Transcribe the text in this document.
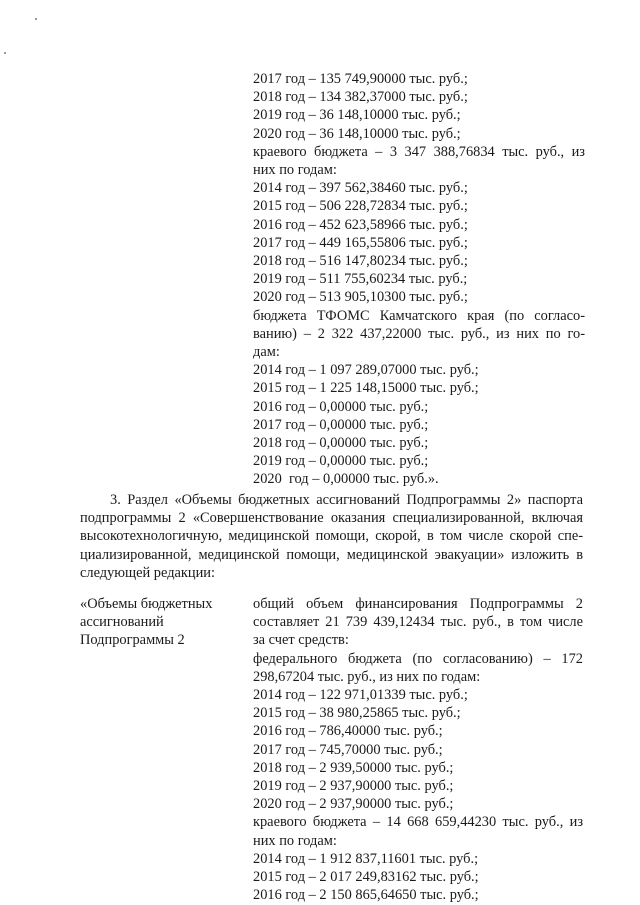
2017 год – 135 749,90000 тыс. руб.;
2018 год – 134 382,37000 тыс. руб.;
2019 год – 36 148,10000 тыс. руб.;
2020 год – 36 148,10000 тыс. руб.;
краевого бюджета – 3 347 388,76834 тыс. руб., из
них по годам:
2014 год – 397 562,38460 тыс. руб.;
2015 год – 506 228,72834 тыс. руб.;
2016 год – 452 623,58966 тыс. руб.;
2017 год – 449 165,55806 тыс. руб.;
2018 год – 516 147,80234 тыс. руб.;
2019 год – 511 755,60234 тыс. руб.;
2020 год – 513 905,10300 тыс. руб.;
бюджета ТФОМС Камчатского края (по согласо-
ванию) – 2 322 437,22000 тыс. руб., из них по го-
дам:
2014 год – 1 097 289,07000 тыс. руб.;
2015 год – 1 225 148,15000 тыс. руб.;
2016 год – 0,00000 тыс. руб.;
2017 год – 0,00000 тыс. руб.;
2018 год – 0,00000 тыс. руб.;
2019 год – 0,00000 тыс. руб.;
2020  год – 0,00000 тыс. руб.».
3. Раздел «Объемы бюджетных ассигнований Подпрограммы 2» паспорта
подпрограммы 2 «Совершенствование оказания специализированной, включая
высокотехнологичную, медицинской помощи, скорой, в том числе скорой спе-
циализированной, медицинской помощи, медицинской эвакуации» изложить в
следующей редакции:
«Объемы бюджетных
ассигнований
Подпрограммы 2
общий объем финансирования Подпрограммы 2
составляет 21 739 439,12434 тыс. руб., в том числе
за счет средств:
федерального бюджета (по согласованию) – 172
298,67204 тыс. руб., из них по годам:
2014 год – 122 971,01339 тыс. руб.;
2015 год – 38 980,25865 тыс. руб.;
2016 год – 786,40000 тыс. руб.;
2017 год – 745,70000 тыс. руб.;
2018 год – 2 939,50000 тыс. руб.;
2019 год – 2 937,90000 тыс. руб.;
2020 год – 2 937,90000 тыс. руб.;
краевого бюджета – 14 668 659,44230 тыс. руб., из
них по годам:
2014 год – 1 912 837,11601 тыс. руб.;
2015 год – 2 017 249,83162 тыс. руб.;
2016 год – 2 150 865,64650 тыс. руб.;
